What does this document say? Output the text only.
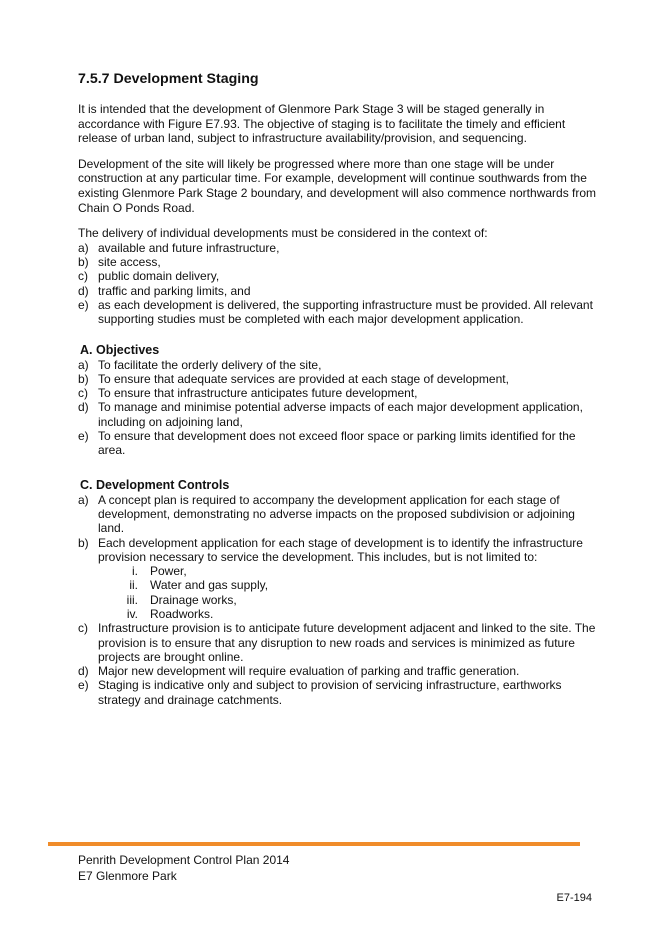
7.5.7 Development Staging

It is intended that the development of Glenmore Park Stage 3 will be staged generally in accordance with Figure E7.93. The objective of staging is to facilitate the timely and efficient release of urban land, subject to infrastructure availability/provision, and sequencing.

Development of the site will likely be progressed where more than one stage will be under construction at any particular time. For example, development will continue southwards from the existing Glenmore Park Stage 2 boundary, and development will also commence northwards from Chain O Ponds Road.

The delivery of individual developments must be considered in the context of:

a) available and future infrastructure,
b) site access,
c) public domain delivery,
d) traffic and parking limits, and
e) as each development is delivered, the supporting infrastructure must be provided. All relevant supporting studies must be completed with each major development application.
A. Objectives
a) To facilitate the orderly delivery of the site,
b) To ensure that adequate services are provided at each stage of development,
c) To ensure that infrastructure anticipates future development,
d) To manage and minimise potential adverse impacts of each major development application, including on adjoining land,
e) To ensure that development does not exceed floor space or parking limits identified for the area.
C. Development Controls
a) A concept plan is required to accompany the development application for each stage of development, demonstrating no adverse impacts on the proposed subdivision or adjoining land.
b) Each development application for each stage of development is to identify the infrastructure provision necessary to service the development. This includes, but is not limited to:
i. Power,
ii. Water and gas supply,
iii. Drainage works,
iv. Roadworks.
c) Infrastructure provision is to anticipate future development adjacent and linked to the site. The provision is to ensure that any disruption to new roads and services is minimized as future projects are brought online.
d) Major new development will require evaluation of parking and traffic generation.
e) Staging is indicative only and subject to provision of servicing infrastructure, earthworks strategy and drainage catchments.
Penrith Development Control Plan 2014
E7 Glenmore Park
E7-194
